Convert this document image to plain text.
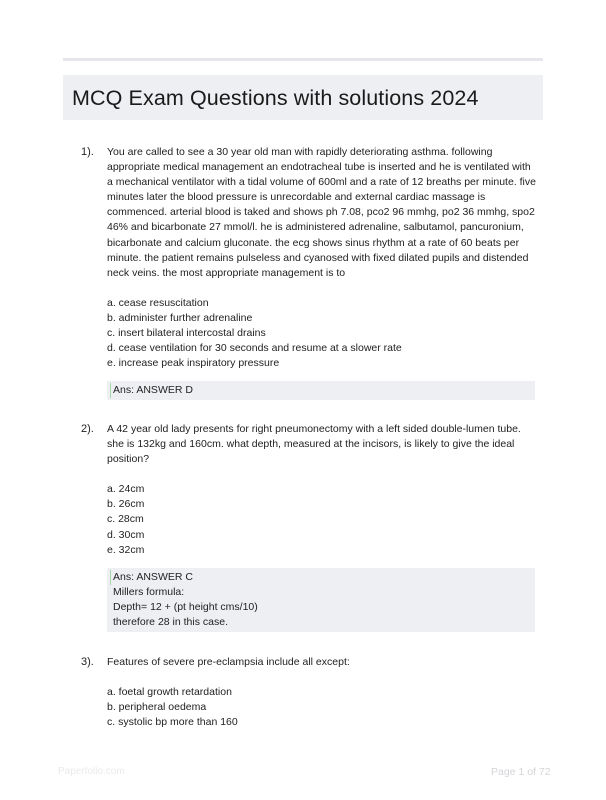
MCQ Exam Questions with solutions 2024
1). You are called to see a 30 year old man with rapidly deteriorating asthma. following appropriate medical management an endotracheal tube is inserted and he is ventilated with a mechanical ventilator with a tidal volume of 600ml and a rate of 12 breaths per minute. five minutes later the blood pressure is unrecordable and external cardiac massage is commenced. arterial blood is taked and shows ph 7.08, pco2 96 mmhg, po2 36 mmhg, spo2 46% and bicarbonate 27 mmol/l. he is administered adrenaline, salbutamol, pancuronium, bicarbonate and calcium gluconate. the ecg shows sinus rhythm at a rate of 60 beats per minute. the patient remains pulseless and cyanosed with fixed dilated pupils and distended neck veins. the most appropriate management is to

a. cease resuscitation
b. administer further adrenaline
c. insert bilateral intercostal drains
d. cease ventilation for 30 seconds and resume at a slower rate
e. increase peak inspiratory pressure
Ans: ANSWER D
2). A 42 year old lady presents for right pneumonectomy with a left sided double-lumen tube. she is 132kg and 160cm. what depth, measured at the incisors, is likely to give the ideal position?

a. 24cm
b. 26cm
c. 28cm
d. 30cm
e. 32cm
Ans: ANSWER C
Millers formula:
Depth= 12 + (pt height cms/10)
therefore 28 in this case.
3). Features of severe pre-eclampsia include all except:

a. foetal growth retardation
b. peripheral oedema
c. systolic bp more than 160
Paperfolio.com	Page 1 of 72
